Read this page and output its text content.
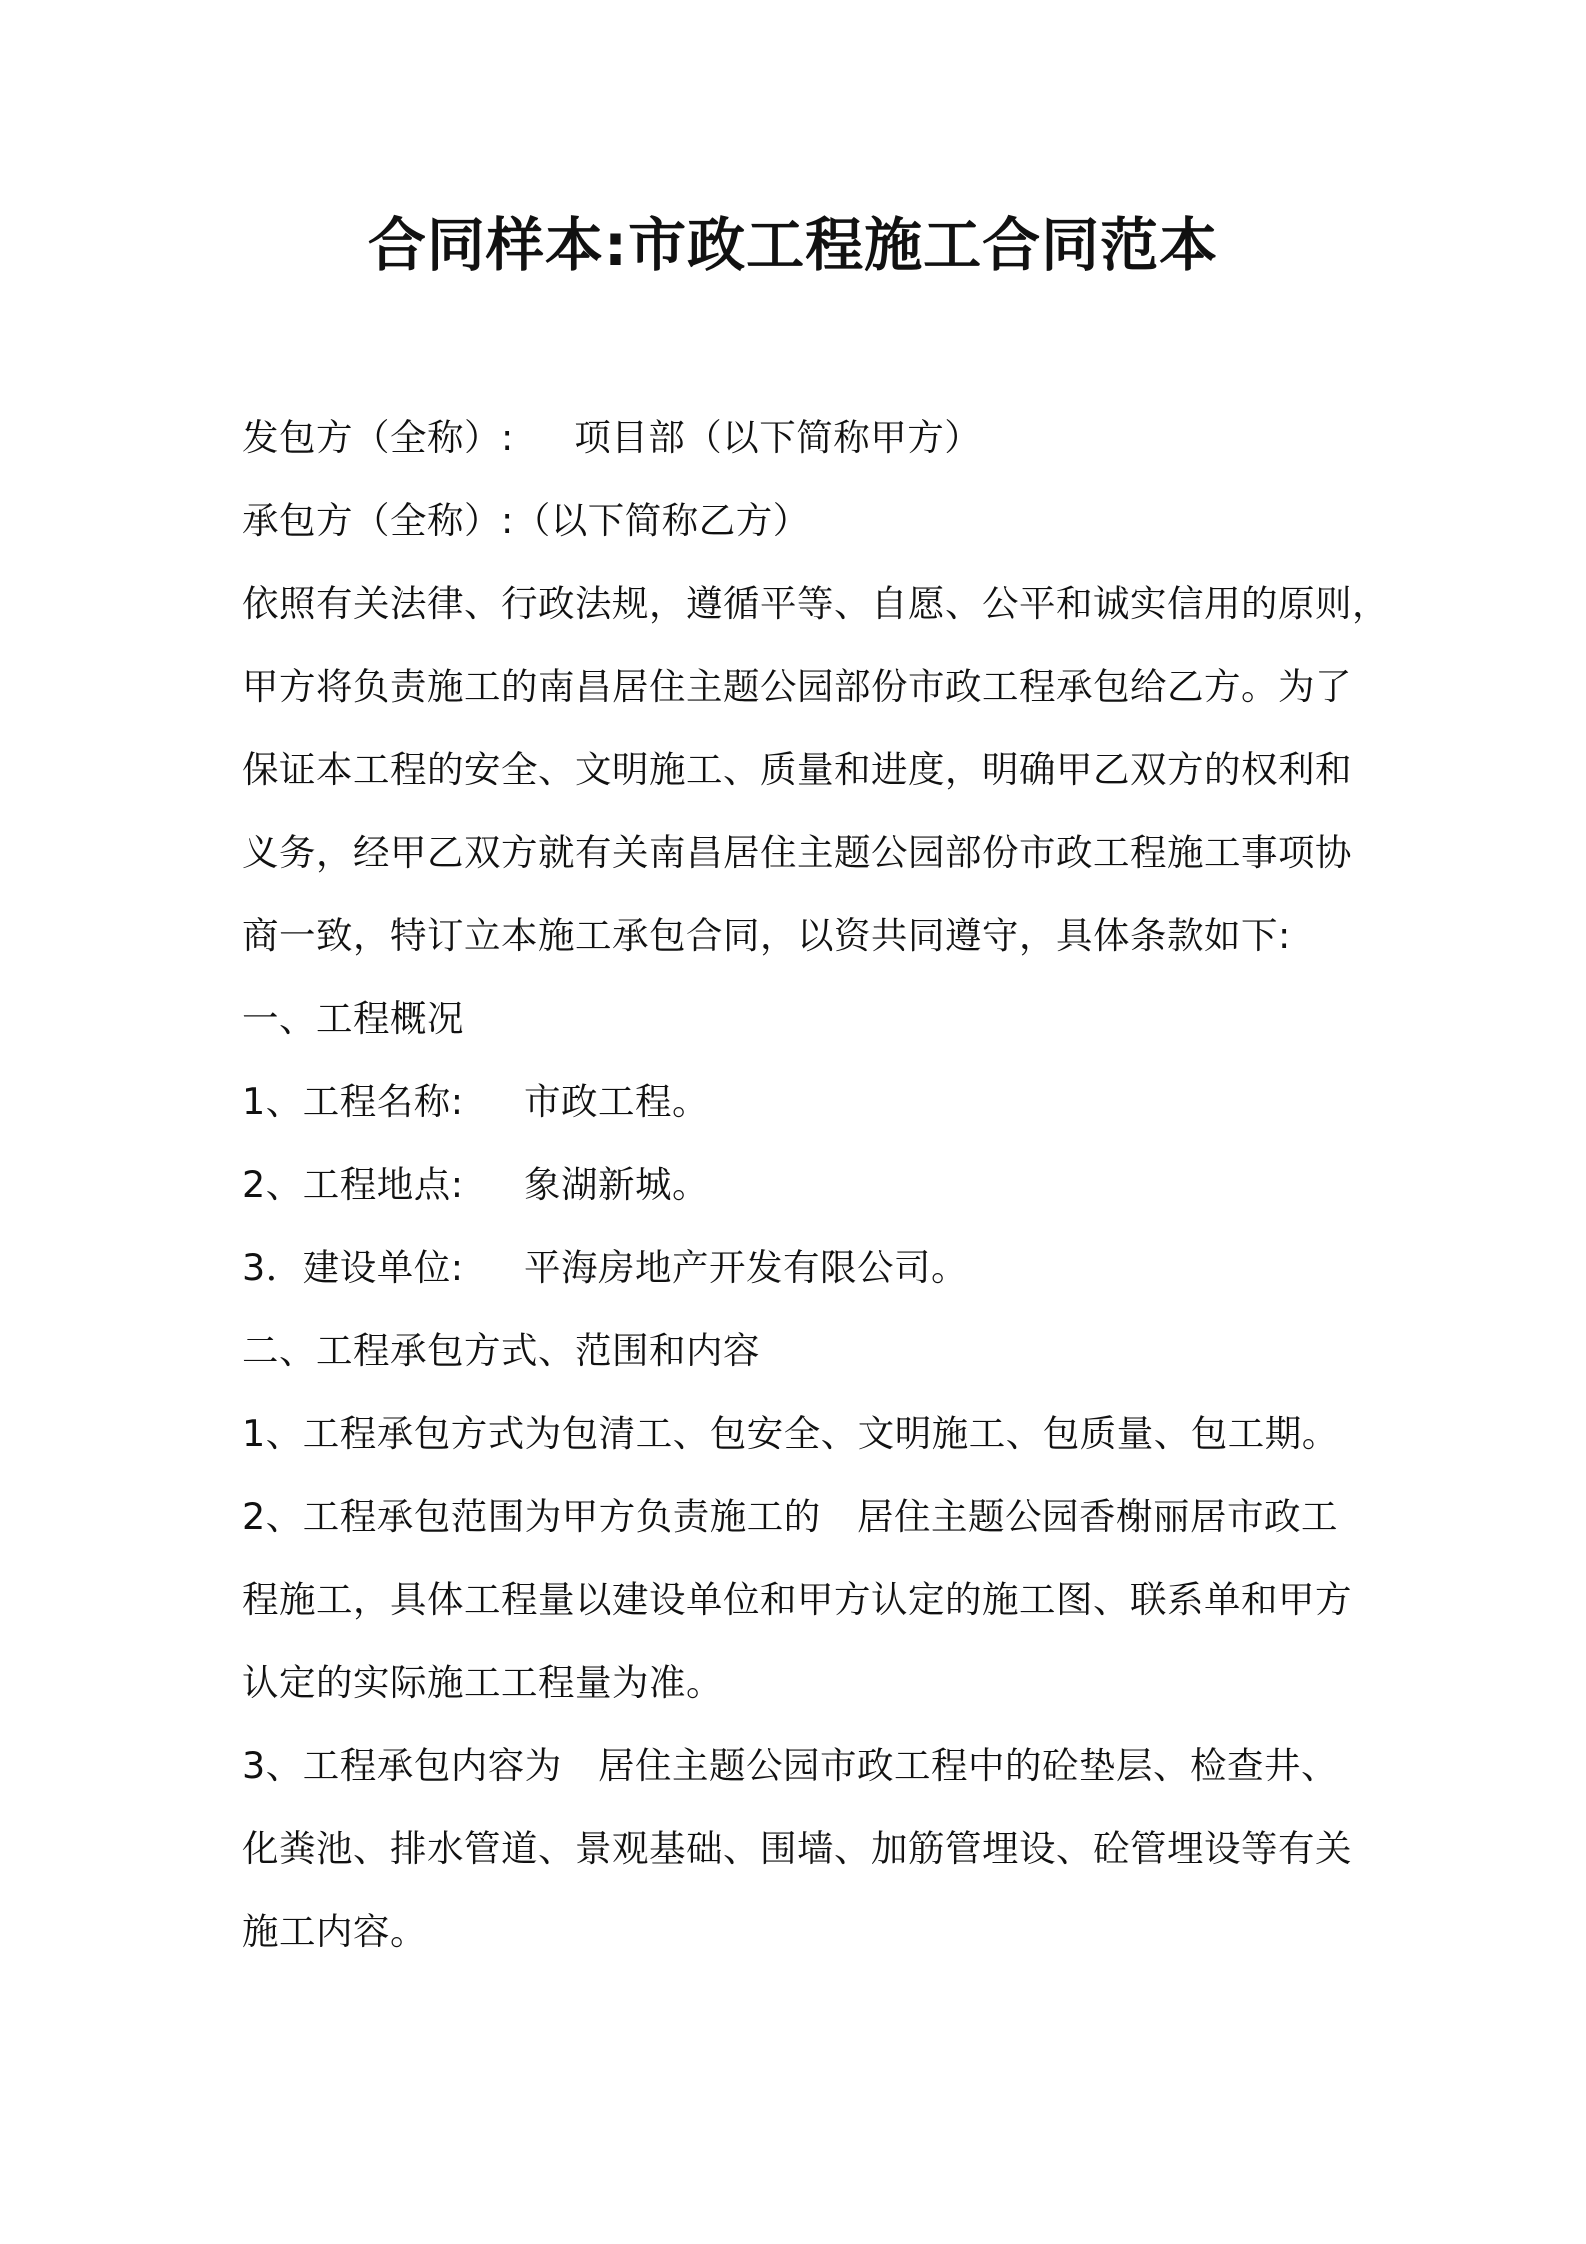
合同样本:市政工程施工合同范本
发包方（全称）:     项目部（以下简称甲方）
承包方（全称）:（以下简称乙方）
依照有关法律、行政法规，遵循平等、自愿、公平和诚实信用的原则，
甲方将负责施工的南昌居住主题公园部份市政工程承包给乙方。为了
保证本工程的安全、文明施工、质量和进度，明确甲乙双方的权利和
义务，经甲乙双方就有关南昌居住主题公园部份市政工程施工事项协
商一致，特订立本施工承包合同，以资共同遵守，具体条款如下:
一、工程概况
1、工程名称:     市政工程。
2、工程地点:     象湖新城。
3．建设单位:     平海房地产开发有限公司。
二、工程承包方式、范围和内容
1、工程承包方式为包清工、包安全、文明施工、包质量、包工期。
2、工程承包范围为甲方负责施工的   居住主题公园香榭丽居市政工
程施工，具体工程量以建设单位和甲方认定的施工图、联系单和甲方
认定的实际施工工程量为准。
3、工程承包内容为   居住主题公园市政工程中的砼垫层、检查井、
化粪池、排水管道、景观基础、围墙、加筋管埋设、砼管埋设等有关
施工内容。
